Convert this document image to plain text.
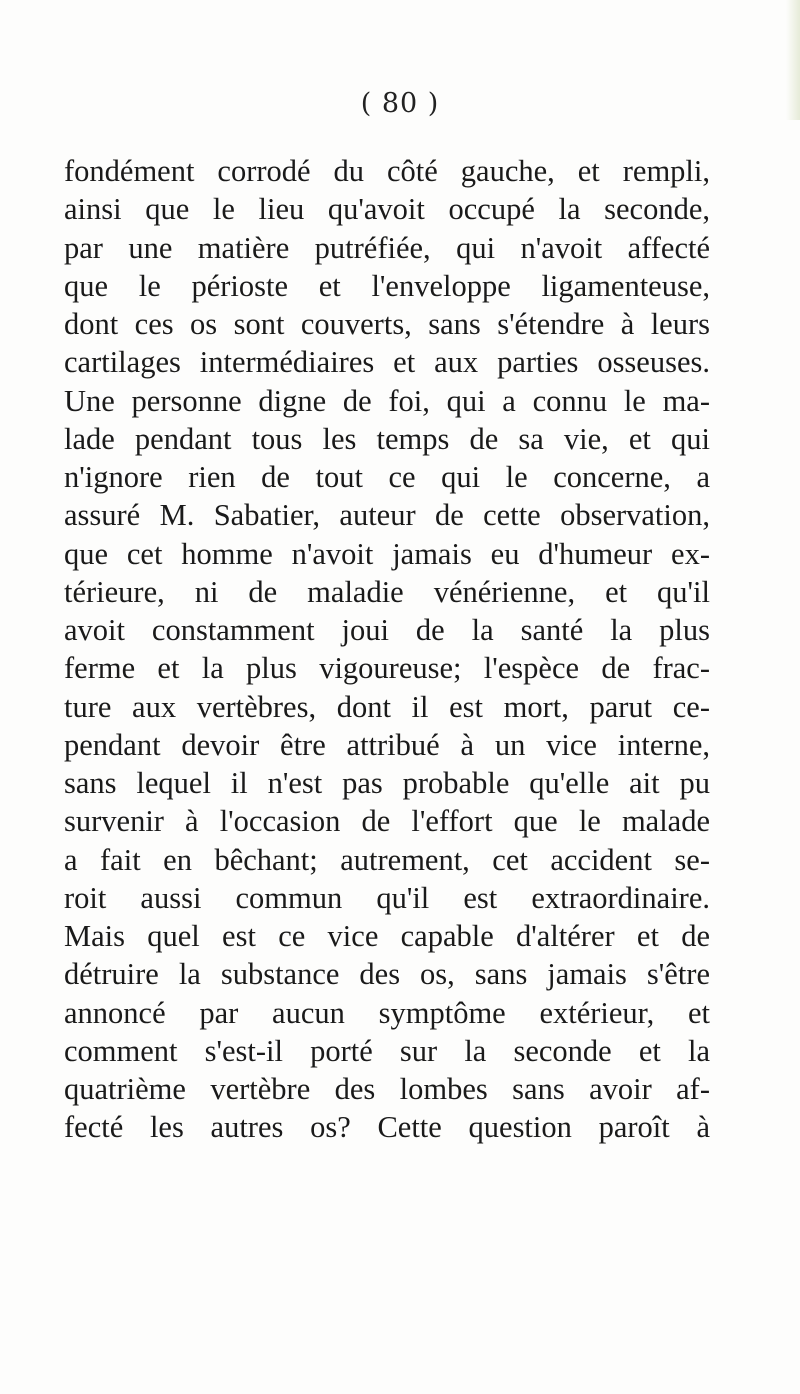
( 80 )
fondément corrodé du côté gauche, et rempli,
ainsi que le lieu qu'avoit occupé la seconde,
par une matière putréfiée, qui n'avoit affecté
que le périoste et l'enveloppe ligamenteuse,
dont ces os sont couverts, sans s'étendre à leurs
cartilages intermédiaires et aux parties osseuses.
Une personne digne de foi, qui a connu le ma-
lade pendant tous les temps de sa vie, et qui
n'ignore rien de tout ce qui le concerne, a
assuré M. Sabatier, auteur de cette observation,
que cet homme n'avoit jamais eu d'humeur ex-
térieure, ni de maladie vénérienne, et qu'il
avoit constamment joui de la santé la plus
ferme et la plus vigoureuse; l'espèce de frac-
ture aux vertèbres, dont il est mort, parut ce-
pendant devoir être attribué à un vice interne,
sans lequel il n'est pas probable qu'elle ait pu
survenir à l'occasion de l'effort que le malade
a fait en bêchant; autrement, cet accident se-
roit aussi commun qu'il est extraordinaire.
Mais quel est ce vice capable d'altérer et de
détruire la substance des os, sans jamais s'être
annoncé par aucun symptôme extérieur, et
comment s'est-il porté sur la seconde et la
quatrième vertèbre des lombes sans avoir af-
fecté les autres os? Cette question paroît à
